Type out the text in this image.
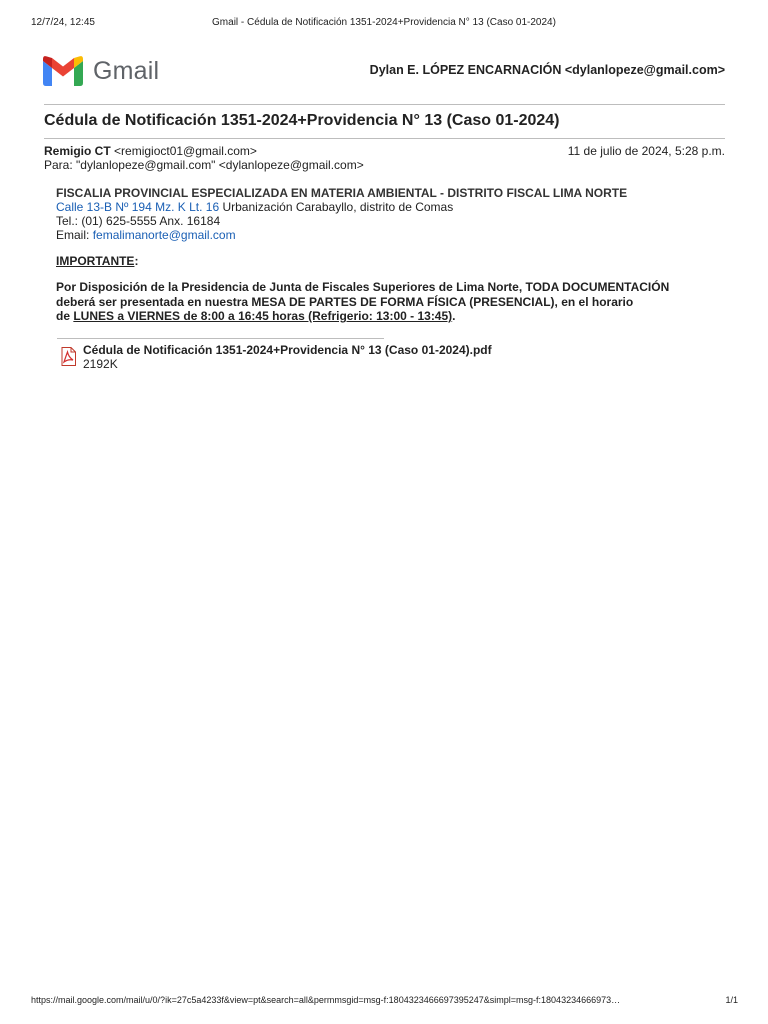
Gmail - Cédula de Notificación 1351-2024+Providencia N° 13 (Caso 01-2024)
12/7/24, 12:45
Gmail	Dylan E. LÓPEZ ENCARNACIÓN <dylanlopeze@gmail.com>
Cédula de Notificación 1351-2024+Providencia N° 13 (Caso 01-2024)
Remigio CT <remigioct01@gmail.com>	11 de julio de 2024, 5:28 p.m.
Para: "dylanlopeze@gmail.com" <dylanlopeze@gmail.com>
FISCALIA PROVINCIAL ESPECIALIZADA EN MATERIA AMBIENTAL - DISTRITO FISCAL LIMA NORTE
Calle 13-B Nº 194 Mz. K Lt. 16 Urbanización Carabayllo, distrito de Comas
Tel.: (01) 625-5555 Anx. 16184
Email: femalimanorte@gmail.com
IMPORTANTE:
Por Disposición de la Presidencia de Junta de Fiscales Superiores de Lima Norte, TODA DOCUMENTACIÓN
deberá ser presentada en nuestra MESA DE PARTES DE FORMA FÍSICA (PRESENCIAL), en el horario
de LUNES a VIERNES de 8:00 a 16:45 horas (Refrigerio: 13:00 - 13:45).
Cédula de Notificación 1351-2024+Providencia N° 13 (Caso 01-2024).pdf
2192K
https://mail.google.com/mail/u/0/?ik=27c5a4233f&view=pt&search=all&permmsgid=msg-f:1804323466697395247&simpl=msg-f:18043234666973…	1/1
